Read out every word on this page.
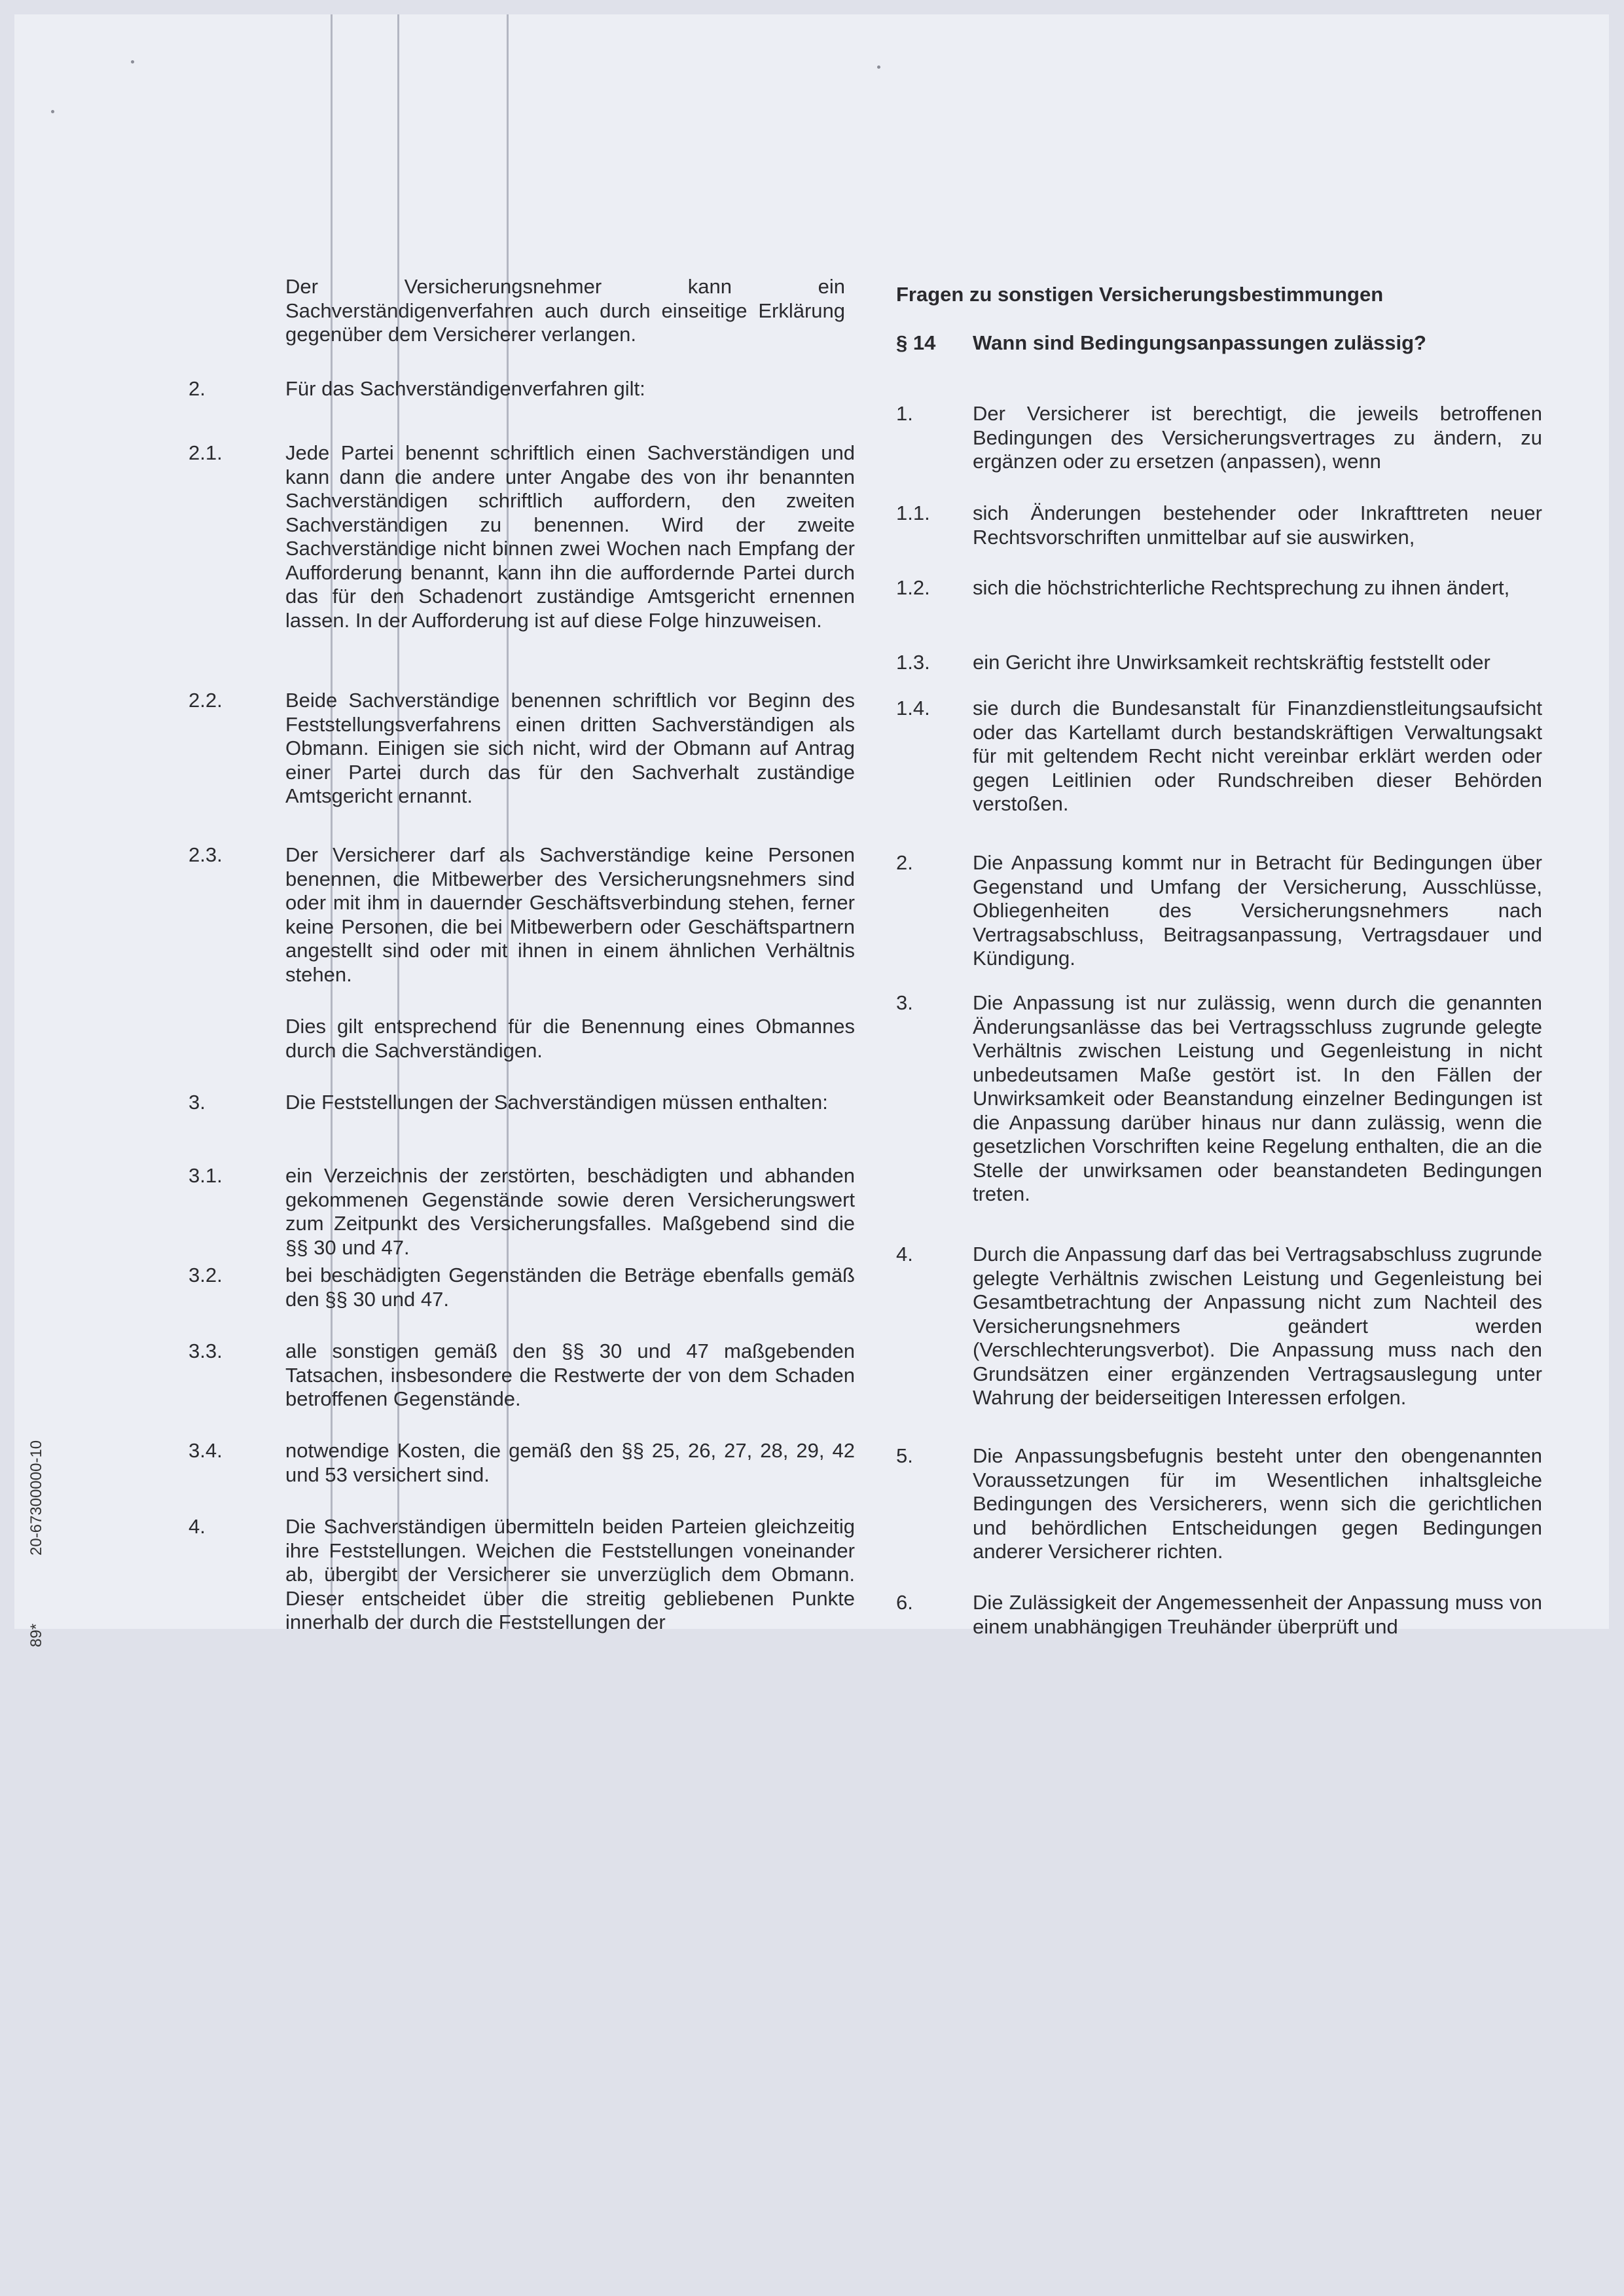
Der Versicherungsnehmer kann ein Sachverständigenverfahren auch durch einseitige Erklärung gegenüber dem Versicherer verlangen.
2.	Für das Sachverständigenverfahren gilt:
2.1.	Jede Partei benennt schriftlich einen Sachverständigen und kann dann die andere unter Angabe des von ihr benannten Sachverständigen schriftlich auffordern, den zweiten Sachverständigen zu benennen. Wird der zweite Sachverständige nicht binnen zwei Wochen nach Empfang der Aufforderung benannt, kann ihn die auffordernde Partei durch das für den Schadenort zuständige Amtsgericht ernennen lassen. In der Aufforderung ist auf diese Folge hinzuweisen.
2.2.	Beide Sachverständige benennen schriftlich vor Beginn des Feststellungsverfahrens einen dritten Sachverständigen als Obmann. Einigen sie sich nicht, wird der Obmann auf Antrag einer Partei durch das für den Sachverhalt zuständige Amtsgericht ernannt.
2.3.	Der Versicherer darf als Sachverständige keine Personen benennen, die Mitbewerber des Versicherungsnehmers sind oder mit ihm in dauernder Geschäftsverbindung stehen, ferner keine Personen, die bei Mitbewerbern oder Geschäftspartnern angestellt sind oder mit ihnen in einem ähnlichen Verhältnis stehen.
Dies gilt entsprechend für die Benennung eines Obmannes durch die Sachverständigen.
3.	Die Feststellungen der Sachverständigen müssen enthalten:
3.1.	ein Verzeichnis der zerstörten, beschädigten und abhanden gekommenen Gegenstände sowie deren Versicherungswert zum Zeitpunkt des Versicherungsfalles. Maßgebend sind die §§ 30 und 47.
3.2.	bei beschädigten Gegenständen die Beträge ebenfalls gemäß den §§ 30 und 47.
3.3.	alle sonstigen gemäß den §§ 30 und 47 maßgebenden Tatsachen, insbesondere die Restwerte der von dem Schaden betroffenen Gegenstände.
3.4.	notwendige Kosten, die gemäß den §§ 25, 26, 27, 28, 29, 42 und 53 versichert sind.
4.	Die Sachverständigen übermitteln beiden Parteien gleichzeitig ihre Feststellungen. Weichen die Feststellungen voneinander ab, übergibt der Versicherer sie unverzüglich dem Obmann. Dieser entscheidet über die streitig gebliebenen Punkte innerhalb der durch die Feststellungen der
Fragen zu sonstigen Versicherungsbestimmungen
§ 14 Wann sind Bedingungsanpassungen zulässig?
1.	Der Versicherer ist berechtigt, die jeweils betroffenen Bedingungen des Versicherungsvertrages zu ändern, zu ergänzen oder zu ersetzen (anpassen), wenn
1.1. sich Änderungen bestehender oder Inkrafttreten neuer Rechtsvorschriften unmittelbar auf sie auswirken,
1.2. sich die höchstrichterliche Rechtsprechung zu ihnen ändert,
1.3. ein Gericht ihre Unwirksamkeit rechtskräftig feststellt oder
1.4. sie durch die Bundesanstalt für Finanzdienstleitungsaufsicht oder das Kartellamt durch bestandskräftigen Verwaltungsakt für mit geltendem Recht nicht vereinbar erklärt werden oder gegen Leitlinien oder Rundschreiben dieser Behörden verstoßen.
2.	Die Anpassung kommt nur in Betracht für Bedingungen über Gegenstand und Umfang der Versicherung, Ausschlüsse, Obliegenheiten des Versicherungsnehmers nach Vertragsabschluss, Beitragsanpassung, Vertragsdauer und Kündigung.
3.	Die Anpassung ist nur zulässig, wenn durch die genannten Änderungsanlässe das bei Vertragsschluss zugrunde gelegte Verhältnis zwischen Leistung und Gegenleistung in nicht unbedeutsamen Maße gestört ist. In den Fällen der Unwirksamkeit oder Beanstandung einzelner Bedingungen ist die Anpassung darüber hinaus nur dann zulässig, wenn die gesetzlichen Vorschriften keine Regelung enthalten, die an die Stelle der unwirksamen oder beanstandeten Bedingungen treten.
4.	Durch die Anpassung darf das bei Vertragsabschluss zugrunde gelegte Verhältnis zwischen Leistung und Gegenleistung bei Gesamtbetrachtung der Anpassung nicht zum Nachteil des Versicherungsnehmers geändert werden (Verschlechterungsverbot). Die Anpassung muss nach den Grundsätzen einer ergänzenden Vertragsauslegung unter Wahrung der beiderseitigen Interessen erfolgen.
5.	Die Anpassungsbefugnis besteht unter den obengenannten Voraussetzungen für im Wesentlichen inhaltsgleiche Bedingungen des Versicherers, wenn sich die gerichtlichen und behördlichen Entscheidungen gegen Bedingungen anderer Versicherer richten.
6.	Die Zulässigkeit der Angemessenheit der Anpassung muss von einem unabhängigen Treuhänder überprüft und
20-67300000-10
89*
